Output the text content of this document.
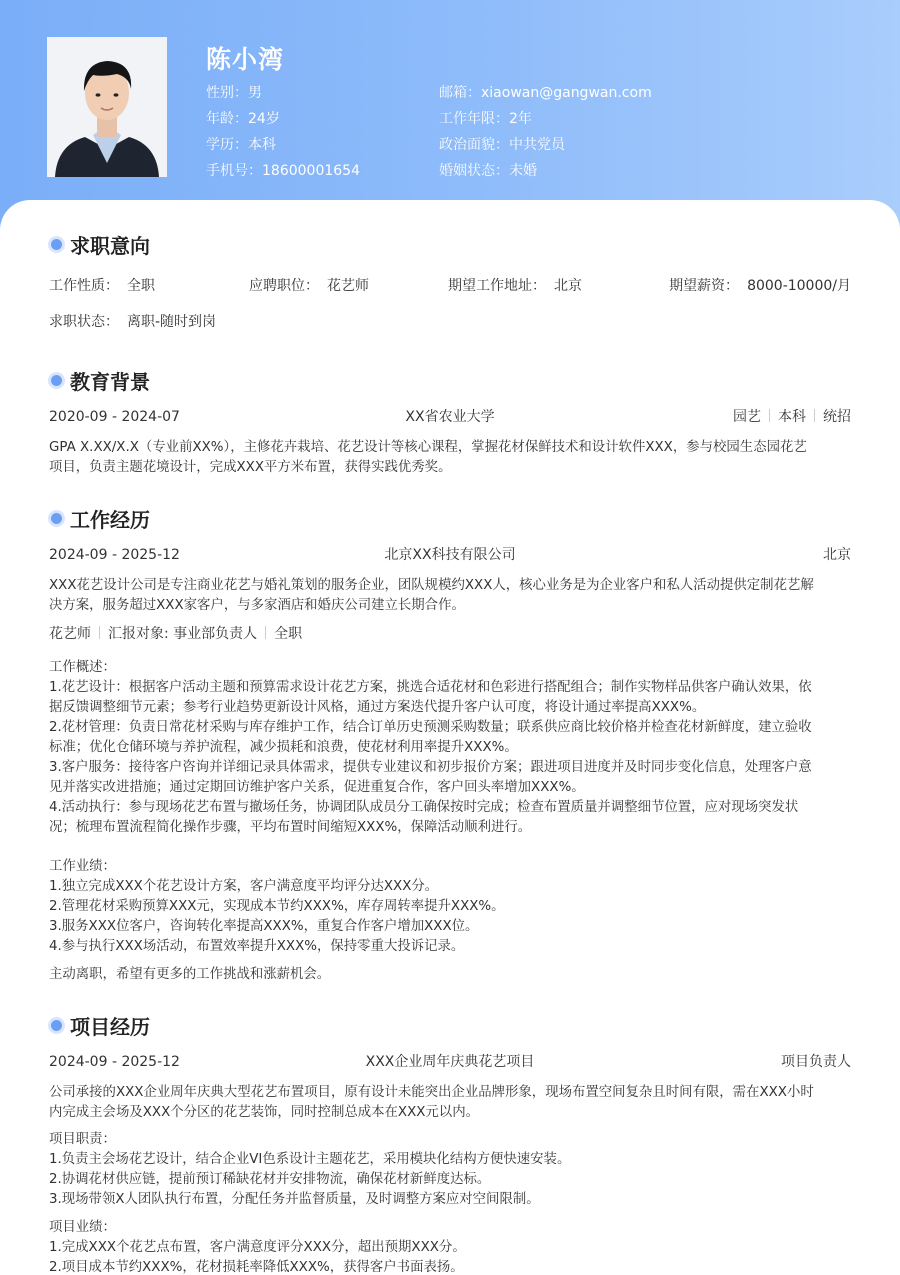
陈小湾
性别：男
年龄：24岁
学历：本科
手机号：18600001654
邮箱：xiaowan@gangwan.com
工作年限：2年
政治面貌：中共党员
婚姻状态：未婚
求职意向
工作性质： 全职	应聘职位： 花艺师	期望工作地址： 北京	期望薪资： 8000-10000/月
求职状态： 离职-随时到岗
教育背景
2020-09 - 2024-07	XX省农业大学	园艺 本科 统招
GPA X.XX/X.X（专业前XX%），主修花卉栽培、花艺设计等核心课程，掌握花材保鲜技术和设计软件XXX，参与校园生态园花艺
项目，负责主题花境设计，完成XXX平方米布置，获得实践优秀奖。
工作经历
2024-09 - 2025-12	北京XX科技有限公司	北京
XXX花艺设计公司是专注商业花艺与婚礼策划的服务企业，团队规模约XXX人，核心业务是为企业客户和私人活动提供定制花艺解
决方案，服务超过XXX家客户，与多家酒店和婚庆公司建立长期合作。
花艺师 汇报对象: 事业部负责人 全职
工作概述：
1.花艺设计：根据客户活动主题和预算需求设计花艺方案，挑选合适花材和色彩进行搭配组合；制作实物样品供客户确认效果，依
据反馈调整细节元素；参考行业趋势更新设计风格，通过方案迭代提升客户认可度，将设计通过率提高XXX%。
2.花材管理：负责日常花材采购与库存维护工作，结合订单历史预测采购数量；联系供应商比较价格并检查花材新鲜度，建立验收
标准；优化仓储环境与养护流程，减少损耗和浪费，使花材利用率提升XXX%。
3.客户服务：接待客户咨询并详细记录具体需求，提供专业建议和初步报价方案；跟进项目进度并及时同步变化信息，处理客户意
见并落实改进措施；通过定期回访维护客户关系，促进重复合作，客户回头率增加XXX%。
4.活动执行：参与现场花艺布置与撤场任务，协调团队成员分工确保按时完成；检查布置质量并调整细节位置，应对现场突发状
况；梳理布置流程简化操作步骤，平均布置时间缩短XXX%，保障活动顺利进行。
工作业绩：
1.独立完成XXX个花艺设计方案，客户满意度平均评分达XXX分。
2.管理花材采购预算XXX元，实现成本节约XXX%，库存周转率提升XXX%。
3.服务XXX位客户，咨询转化率提高XXX%，重复合作客户增加XXX位。
4.参与执行XXX场活动，布置效率提升XXX%，保持零重大投诉记录。
主动离职，希望有更多的工作挑战和涨薪机会。
项目经历
2024-09 - 2025-12	XXX企业周年庆典花艺项目	项目负责人
公司承接的XXX企业周年庆典大型花艺布置项目，原有设计未能突出企业品牌形象，现场布置空间复杂且时间有限，需在XXX小时
内完成主会场及XXX个分区的花艺装饰，同时控制总成本在XXX元以内。
项目职责：
1.负责主会场花艺设计，结合企业VI色系设计主题花艺，采用模块化结构方便快速安装。
2.协调花材供应链，提前预订稀缺花材并安排物流，确保花材新鲜度达标。
3.现场带领X人团队执行布置，分配任务并监督质量，及时调整方案应对空间限制。
项目业绩：
1.完成XXX个花艺点布置，客户满意度评分XXX分，超出预期XXX分。
2.项目成本节约XXX%，花材损耗率降低XXX%，获得客户书面表扬。
